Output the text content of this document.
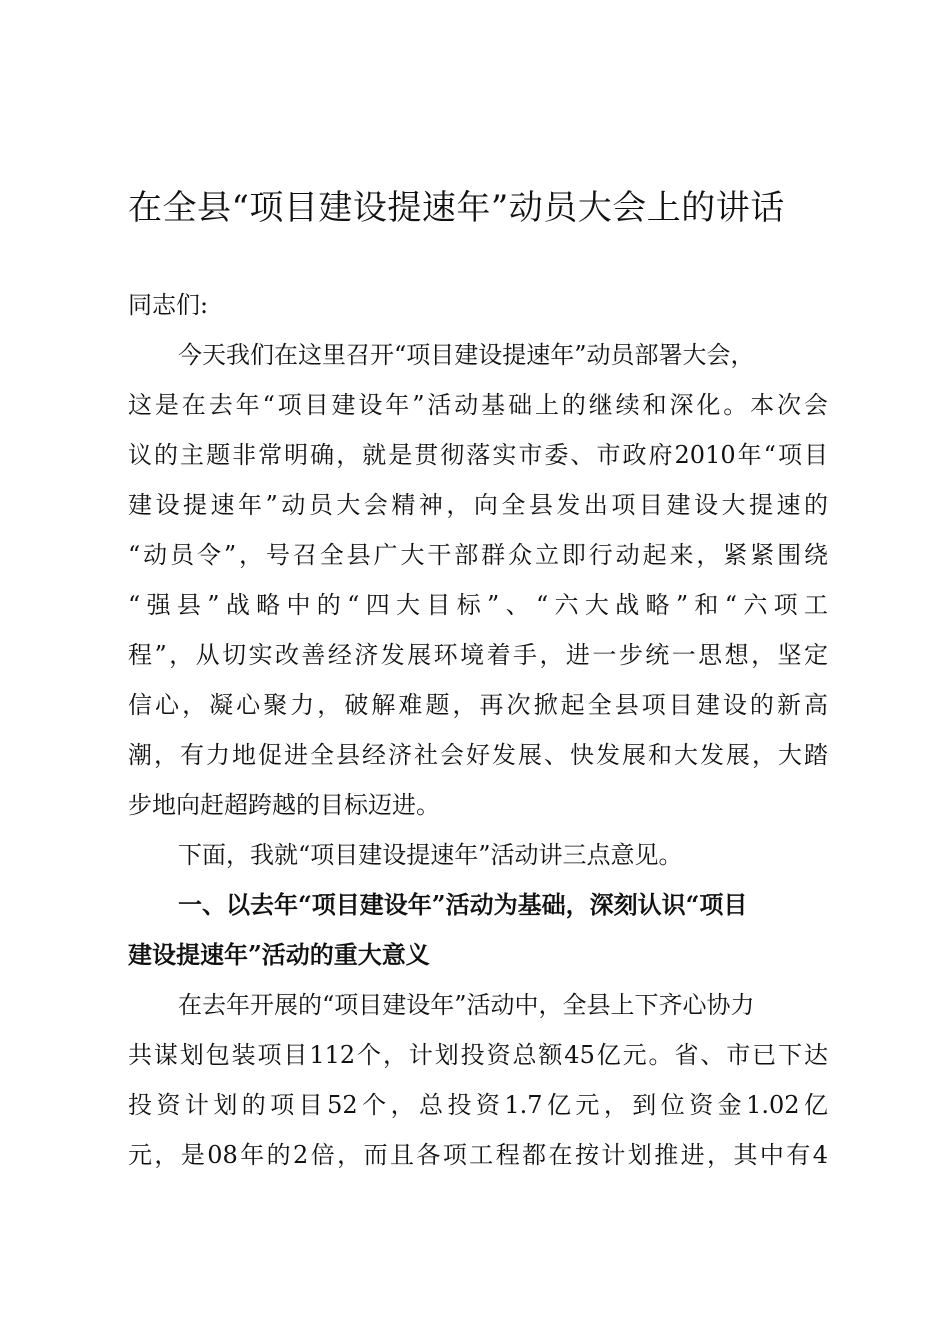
在全县“项目建设提速年”动员大会上的讲话
同志们:
今天我们在这里召开“项目建设提速年”动员部署大会，
这是在去年“项目建设年”活动基础上的继续和深化。本次会
议的主题非常明确，就是贯彻落实市委、市政府2010年“项目
建设提速年”动员大会精神，向全县发出项目建设大提速的
“动员令”，号召全县广大干部群众立即行动起来，紧紧围绕
“强县”战略中的“四大目标”、“六大战略”和“六项工
程”，从切实改善经济发展环境着手，进一步统一思想，坚定
信心，凝心聚力，破解难题，再次掀起全县项目建设的新高
潮，有力地促进全县经济社会好发展、快发展和大发展，大踏
步地向赶超跨越的目标迈进。
下面，我就“项目建设提速年”活动讲三点意见。
一、以去年“项目建设年”活动为基础，深刻认识“项目
建设提速年”活动的重大意义
在去年开展的“项目建设年”活动中，全县上下齐心协力
共谋划包装项目112个，计划投资总额45亿元。省、市已下达
投资计划的项目52个，总投资1.7亿元，到位资金1.02亿
元，是08年的2倍，而且各项工程都在按计划推进，其中有4
